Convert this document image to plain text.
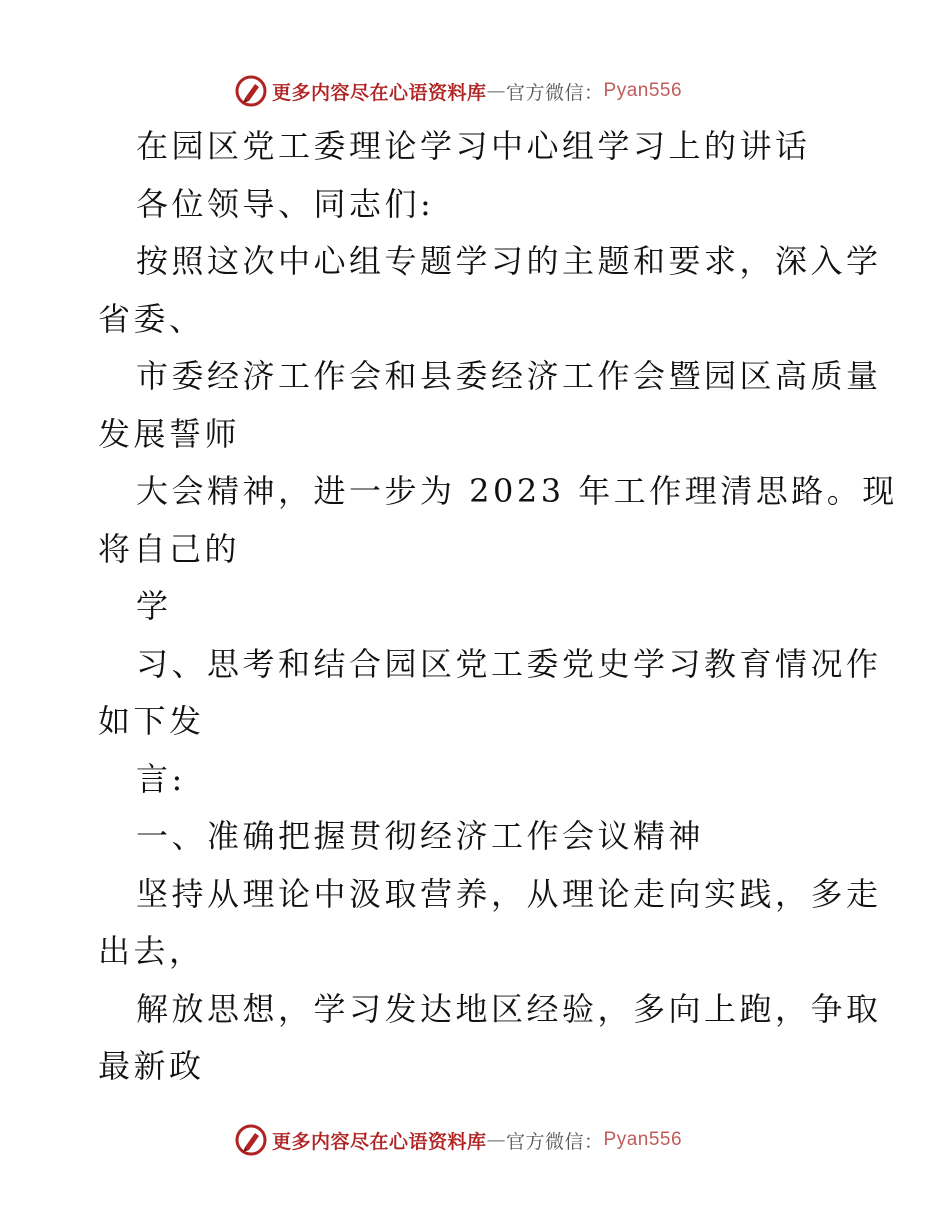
更多内容尽在心语资料库 — 官方微信： Pyan556
在园区党工委理论学习中心组学习上的讲话
各位领导、同志们:
按照这次中心组专题学习的主题和要求，深入学
省委、
市委经济工作会和县委经济工作会暨园区高质量
发展誓师
大会精神，进一步为 2023 年工作理清思路。现
将自己的
学
习、思考和结合园区党工委党史学习教育情况作
如下发
言:
一、准确把握贯彻经济工作会议精神
坚持从理论中汲取营养，从理论走向实践，多走
出去，
解放思想，学习发达地区经验，多向上跑，争取
最新政
更多内容尽在心语资料库 — 官方微信： Pyan556
